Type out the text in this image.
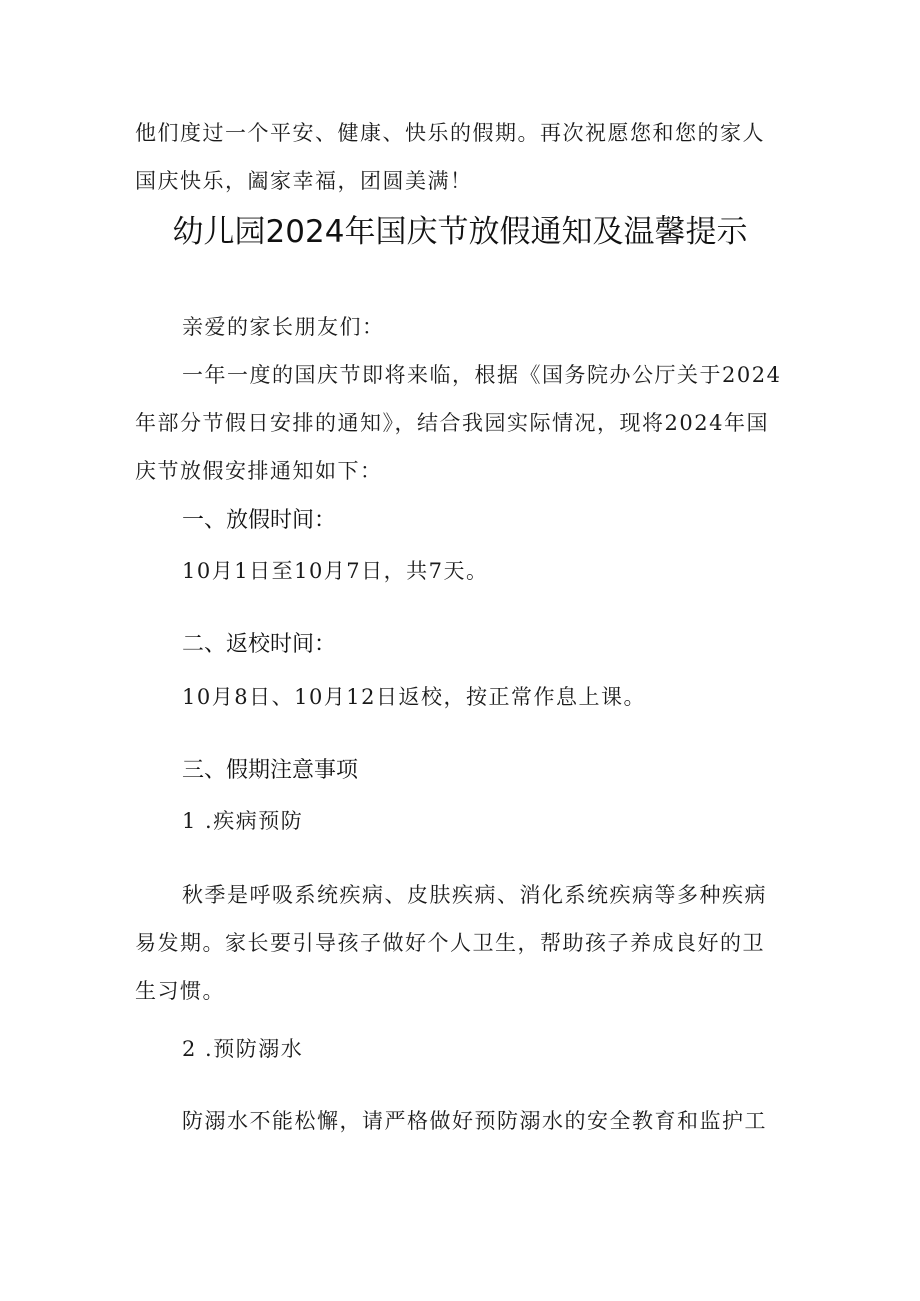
他们度过一个平安、健康、快乐的假期。再次祝愿您和您的家人
国庆快乐，阖家幸福，团圆美满！
幼儿园2024年国庆节放假通知及温馨提示
亲爱的家长朋友们：
一年一度的国庆节即将来临，根据《国务院办公厅关于2024
年部分节假日安排的通知》，结合我园实际情况，现将2024年国
庆节放假安排通知如下：
一、放假时间：
10月1日至10月7日，共7天。
二、返校时间：
10月8日、10月12日返校，按正常作息上课。
三、假期注意事项
1 .疾病预防
秋季是呼吸系统疾病、皮肤疾病、消化系统疾病等多种疾病
易发期。家长要引导孩子做好个人卫生，帮助孩子养成良好的卫
生习惯。
2 .预防溺水
防溺水不能松懈，请严格做好预防溺水的安全教育和监护工
